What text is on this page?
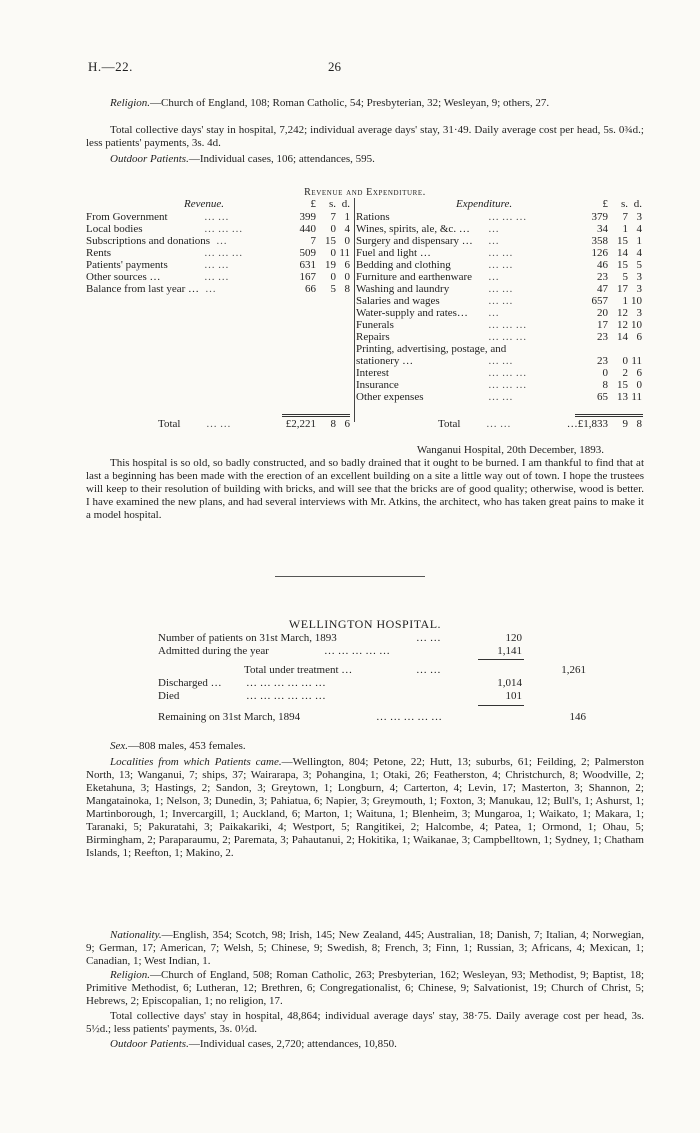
H.—22.	26

Religion.—Church of England, 108; Roman Catholic, 54; Presbyterian, 32; Wesleyan, 9; others, 27.

Total collective days' stay in hospital, 7,242; individual average days' stay, 31·49. Daily average cost per head, 5s. 0¾d.; less patients' payments, 3s. 4d.

Outdoor Patients.—Individual cases, 106; attendances, 595.

Revenue and Expenditure.
Revenue.	£	s. d.
From Government	… …	399	7 1
Local bodies	… … …	440	0 4
Subscriptions and donations …	7 15 0
Rents	… … …	509	0 11
Patients' payments	… …	631 19 6
Other sources …	… …	167	0 0
Balance from last year … …	66	5 8
Expenditure.	£	s. d.
Rations	… … …	379	7 3
Wines, spirits, ale, &c. … …	34	1 4
Surgery and dispensary … …	358 15 1
Fuel and light …	… …	126 14 4
Bedding and clothing	… …	46 15 5
Furniture and earthenware …	23	5 3
Washing and laundry	… …	47 17 3
Salaries and wages	… …	657	1 10
Water-supply and rates… …	20 12 3
Funerals	… … …	17 12 10
Repairs	… … …	23 14 6
Printing, advertising, postage, and
stationery …	… …	23	0 11
Interest	… … …	0	2 6
Insurance	… … …	8 15 0
Other expenses	… …	65 13 11
Total … …	£2,221	8 6	Total … …	…£1,833	9 8
Wanganui Hospital, 20th December, 1893.

This hospital is so old, so badly constructed, and so badly drained that it ought to be burned. I am thankful to find that at last a beginning has been made with the erection of an excellent building on a site a little way out of town. I hope the trustees will keep to their resolution of building with bricks, and will see that the bricks are of good quality; otherwise, wood is better. I have examined the new plans, and had several interviews with Mr. Atkins, the architect, who has taken great pains to make it a model hospital.

WELLINGTON HOSPITAL.
Number of patients on 31st March, 1893	… …	120
Admitted during the year	… … … … …	1,141
Total under treatment …	… …	1,261
Discharged … … … … … … …	1,014
Died	… … … … … …	101
Remaining on 31st March, 1894	… … … … …	146

Sex.—808 males, 453 females.

Localities from which Patients came.—Wellington, 804; Petone, 22; Hutt, 13; suburbs, 61; Feilding, 2; Palmerston North, 13; Wanganui, 7; ships, 37; Wairarapa, 3; Pohangina, 1; Otaki, 26; Featherston, 4; Christchurch, 8; Woodville, 2; Eketahuna, 3; Hastings, 2; Sandon, 3; Greytown, 1; Longburn, 4; Carterton, 4; Levin, 17; Masterton, 3; Shannon, 2; Mangatainoka, 1; Nelson, 3; Dunedin, 3; Pahiatua, 6; Napier, 3; Greymouth, 1; Foxton, 3; Manukau, 12; Bull's, 1; Ashurst, 1; Martinborough, 1; Invercargill, 1; Auckland, 6; Marton, 1; Waituna, 1; Blenheim, 3; Mungaroa, 1; Waikato, 1; Makara, 1; Taranaki, 5; Pakuratahi, 3; Paikakariki, 4; Westport, 5; Rangitikei, 2; Halcombe, 4; Patea, 1; Ormond, 1; Ohau, 5; Birmingham, 2; Paraparaumu, 2; Paremata, 3; Pahautanui, 2; Hokitika, 1; Waikanae, 3; Campbelltown, 1; Sydney, 1; Chatham Islands, 1; Reefton, 1; Makino, 2.

Nationality.—English, 354; Scotch, 98; Irish, 145; New Zealand, 445; Australian, 18; Danish, 7; Italian, 4; Norwegian, 9; German, 17; American, 7; Welsh, 5; Chinese, 9; Swedish, 8; French, 3; Finn, 1; Russian, 3; Africans, 4; Mexican, 1; Canadian, 1; West Indian, 1.

Religion.—Church of England, 508; Roman Catholic, 263; Presbyterian, 162; Wesleyan, 93; Methodist, 9; Baptist, 18; Primitive Methodist, 6; Lutheran, 12; Brethren, 6; Congregationalist, 6; Chinese, 9; Salvationist, 19; Church of Christ, 5; Hebrews, 2; Episcopalian, 1; no religion, 17.

Total collective days' stay in hospital, 48,864; individual average days' stay, 38·75. Daily average cost per head, 3s. 5½d.; less patients' payments, 3s. 0½d.

Outdoor Patients.—Individual cases, 2,720; attendances, 10,850.
